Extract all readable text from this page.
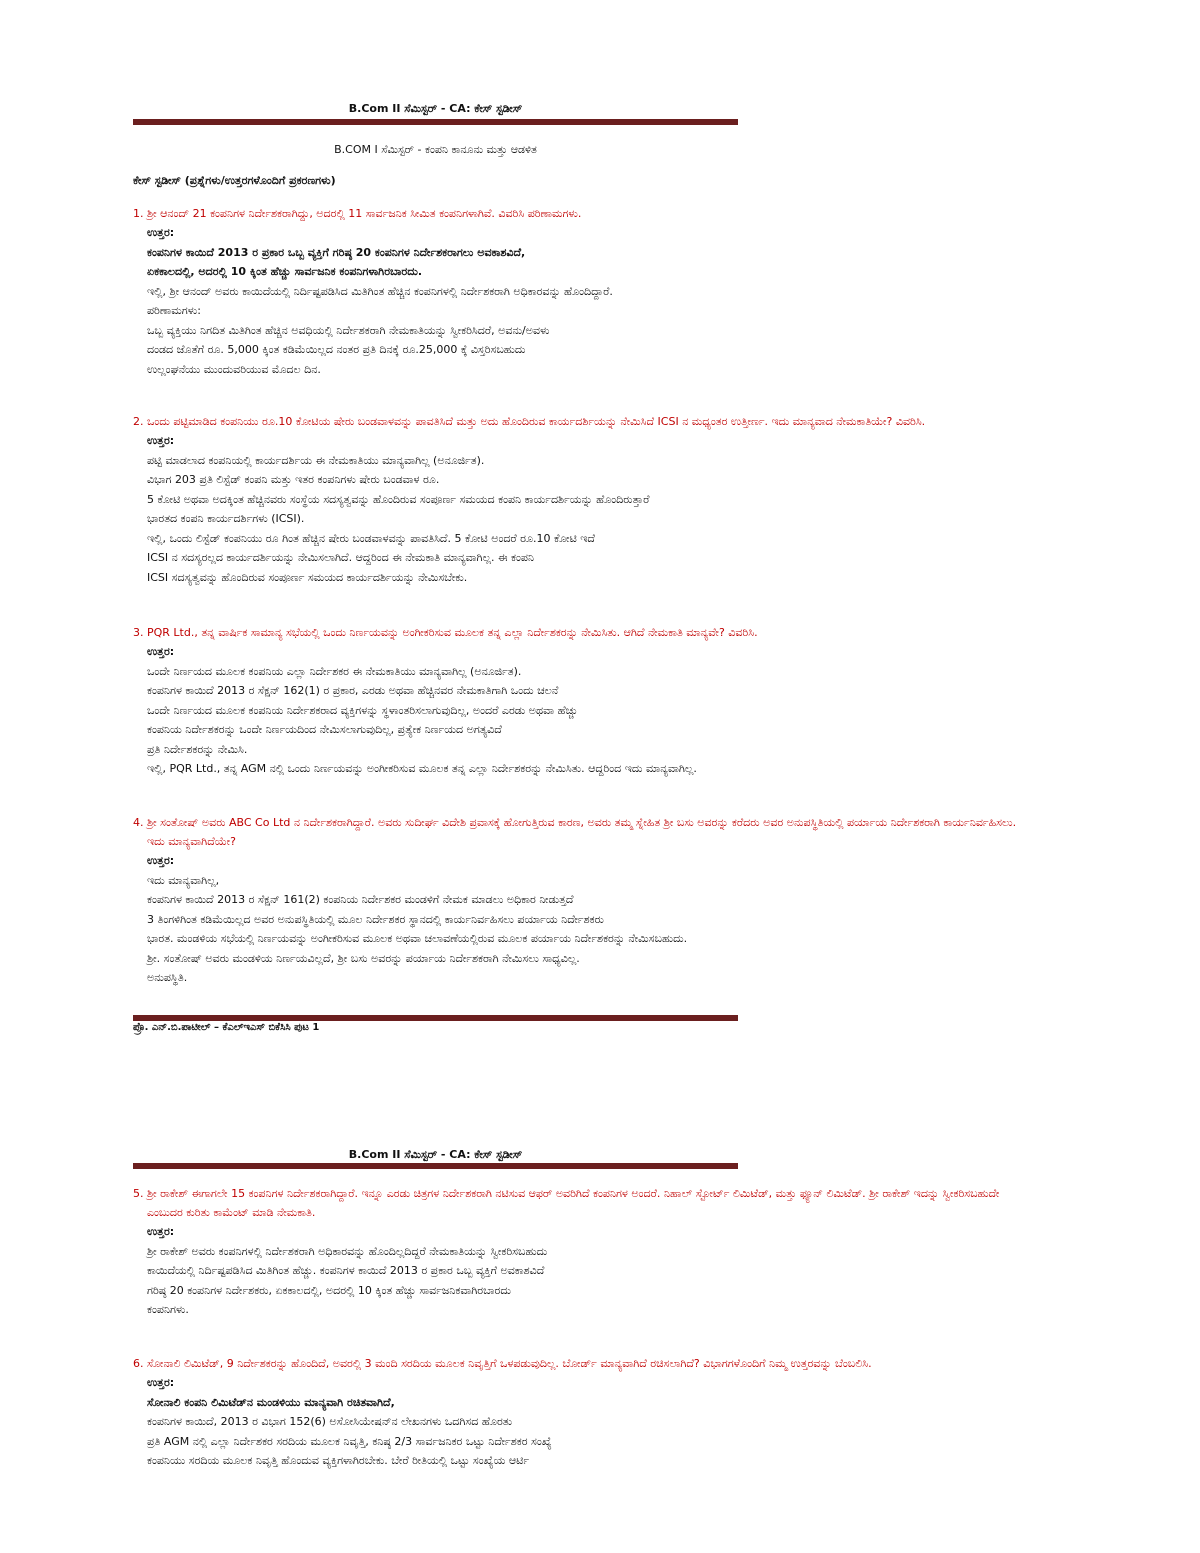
B.Com II ಸೆಮಿಸ್ಟರ್ - CA: ಕೇಸ್ ಸ್ಟಡೀಸ್
B.COM I ಸೆಮಿಸ್ಟರ್ - ಕಂಪನಿ ಕಾನೂನು ಮತ್ತು ಆಡಳಿತ
ಕೇಸ್ ಸ್ಟಡೀಸ್ (ಪ್ರಶ್ನೆಗಳು/ಉತ್ತರಗಳೊಂದಿಗೆ ಪ್ರಕರಣಗಳು)
1. ಶ್ರೀ ಆನಂದ್ 21 ಕಂಪನಿಗಳ ನಿರ್ದೇಶಕರಾಗಿದ್ದು, ಅದರಲ್ಲಿ 11 ಸಾರ್ವಜನಿಕ ಸೀಮಿತ ಕಂಪನಿಗಳಾಗಿವೆ. ವಿವರಿಸಿ ಪರಿಣಾಮಗಳು.
ಉತ್ತರ:
ಕಂಪನಿಗಳ ಕಾಯಿದೆ 2013 ರ ಪ್ರಕಾರ ಒಬ್ಬ ವ್ಯಕ್ತಿಗೆ ಗರಿಷ್ಠ 20 ಕಂಪನಿಗಳ ನಿರ್ದೇಶಕರಾಗಲು ಅವಕಾಶವಿದೆ,
ಏಕಕಾಲದಲ್ಲಿ, ಅದರಲ್ಲಿ 10 ಕ್ಕಿಂತ ಹೆಚ್ಚು ಸಾರ್ವಜನಿಕ ಕಂಪನಿಗಳಾಗಿರಬಾರದು.
ಇಲ್ಲಿ, ಶ್ರೀ ಆನಂದ್ ಅವರು ಕಾಯಿದೆಯಲ್ಲಿ ನಿರ್ದಿಷ್ಟಪಡಿಸಿದ ಮಿತಿಗಿಂತ ಹೆಚ್ಚಿನ ಕಂಪನಿಗಳಲ್ಲಿ ನಿರ್ದೇಶಕರಾಗಿ ಅಧಿಕಾರವನ್ನು ಹೊಂದಿದ್ದಾರೆ.
ಪರಿಣಾಮಗಳು:
ಒಬ್ಬ ವ್ಯಕ್ತಿಯು ನಿಗದಿತ ಮಿತಿಗಿಂತ ಹೆಚ್ಚಿನ ಅವಧಿಯಲ್ಲಿ ನಿರ್ದೇಶಕರಾಗಿ ನೇಮಕಾತಿಯನ್ನು ಸ್ವೀಕರಿಸಿದರೆ, ಅವನು/ಅವಳು
ದಂಡದ ಜೊತೆಗೆ ರೂ. 5,000 ಕ್ಕಿಂತ ಕಡಿಮೆಯಿಲ್ಲದ ನಂತರ ಪ್ರತಿ ದಿನಕ್ಕೆ ರೂ.25,000 ಕ್ಕೆ ವಿಸ್ತರಿಸಬಹುದು
ಉಲ್ಲಂಘನೆಯು ಮುಂದುವರಿಯುವ ಮೊದಲ ದಿನ.
2. ಒಂದು ಪಟ್ಟಿಮಾಡಿದ ಕಂಪನಿಯು ರೂ.10 ಕೋಟಿಯ ಷೇರು ಬಂಡವಾಳವನ್ನು ಪಾವತಿಸಿದೆ ಮತ್ತು ಅದು ಹೊಂದಿರುವ ಕಾರ್ಯದರ್ಶಿಯನ್ನು ನೇಮಿಸಿದೆ ICSI ನ ಮಧ್ಯಂತರ ಉತ್ತೀರ್ಣ. ಇದು ಮಾನ್ಯವಾದ ನೇಮಕಾತಿಯೇ? ವಿವರಿಸಿ.
ಉತ್ತರ:
ಪಟ್ಟಿ ಮಾಡಲಾದ ಕಂಪನಿಯಲ್ಲಿ ಕಾರ್ಯದರ್ಶಿಯ ಈ ನೇಮಕಾತಿಯು ಮಾನ್ಯವಾಗಿಲ್ಲ (ಅನೂರ್ಜಿತ).
ವಿಭಾಗ 203 ಪ್ರತಿ ಲಿಸ್ಟೆಡ್ ಕಂಪನಿ ಮತ್ತು ಇತರ ಕಂಪನಿಗಳು ಷೇರು ಬಂಡವಾಳ ರೂ.
5 ಕೋಟಿ ಅಥವಾ ಅದಕ್ಕಿಂತ ಹೆಚ್ಚಿನವರು ಸಂಸ್ಥೆಯ ಸದಸ್ಯತ್ವವನ್ನು ಹೊಂದಿರುವ ಸಂಪೂರ್ಣ ಸಮಯದ ಕಂಪನಿ ಕಾರ್ಯದರ್ಶಿಯನ್ನು ಹೊಂದಿರುತ್ತಾರೆ
ಭಾರತದ ಕಂಪನಿ ಕಾರ್ಯದರ್ಶಿಗಳು (ICSI).
ಇಲ್ಲಿ, ಒಂದು ಲಿಸ್ಟೆಡ್ ಕಂಪನಿಯು ರೂ ಗಿಂತ ಹೆಚ್ಚಿನ ಷೇರು ಬಂಡವಾಳವನ್ನು ಪಾವತಿಸಿದೆ. 5 ಕೋಟಿ ಅಂದರೆ ರೂ.10 ಕೋಟಿ ಇದೆ
ICSI ನ ಸದಸ್ಯರಲ್ಲದ ಕಾರ್ಯದರ್ಶಿಯನ್ನು ನೇಮಿಸಲಾಗಿದೆ. ಆದ್ದರಿಂದ ಈ ನೇಮಕಾತಿ ಮಾನ್ಯವಾಗಿಲ್ಲ. ಈ ಕಂಪನಿ
ICSI ಸದಸ್ಯತ್ವವನ್ನು ಹೊಂದಿರುವ ಸಂಪೂರ್ಣ ಸಮಯದ ಕಾರ್ಯದರ್ಶಿಯನ್ನು ನೇಮಿಸಬೇಕು.
3. PQR Ltd., ತನ್ನ ವಾರ್ಷಿಕ ಸಾಮಾನ್ಯ ಸಭೆಯಲ್ಲಿ ಒಂದು ನಿರ್ಣಯವನ್ನು ಅಂಗೀಕರಿಸುವ ಮೂಲಕ ತನ್ನ ಎಲ್ಲಾ ನಿರ್ದೇಶಕರನ್ನು ನೇಮಿಸಿತು. ಆಗಿದೆ ನೇಮಕಾತಿ ಮಾನ್ಯವೇ? ವಿವರಿಸಿ.
ಉತ್ತರ:
ಒಂದೇ ನಿರ್ಣಯದ ಮೂಲಕ ಕಂಪನಿಯ ಎಲ್ಲಾ ನಿರ್ದೇಶಕರ ಈ ನೇಮಕಾತಿಯು ಮಾನ್ಯವಾಗಿಲ್ಲ (ಅನೂರ್ಜಿತ).
ಕಂಪನಿಗಳ ಕಾಯಿದೆ 2013 ರ ಸೆಕ್ಷನ್ 162(1) ರ ಪ್ರಕಾರ, ಎರಡು ಅಥವಾ ಹೆಚ್ಚಿನವರ ನೇಮಕಾತಿಗಾಗಿ ಒಂದು ಚಲನೆ
ಒಂದೇ ನಿರ್ಣಯದ ಮೂಲಕ ಕಂಪನಿಯ ನಿರ್ದೇಶಕರಾದ ವ್ಯಕ್ತಿಗಳನ್ನು ಸ್ಥಳಾಂತರಿಸಲಾಗುವುದಿಲ್ಲ, ಅಂದರೆ ಎರಡು ಅಥವಾ ಹೆಚ್ಚು
ಕಂಪನಿಯ ನಿರ್ದೇಶಕರನ್ನು ಒಂದೇ ನಿರ್ಣಯದಿಂದ ನೇಮಿಸಲಾಗುವುದಿಲ್ಲ, ಪ್ರತ್ಯೇಕ ನಿರ್ಣಯದ ಅಗತ್ಯವಿದೆ
ಪ್ರತಿ ನಿರ್ದೇಶಕರನ್ನು ನೇಮಿಸಿ.
ಇಲ್ಲಿ, PQR Ltd., ತನ್ನ AGM ನಲ್ಲಿ ಒಂದು ನಿರ್ಣಯವನ್ನು ಅಂಗೀಕರಿಸುವ ಮೂಲಕ ತನ್ನ ಎಲ್ಲಾ ನಿರ್ದೇಶಕರನ್ನು ನೇಮಿಸಿತು. ಆದ್ದರಿಂದ ಇದು ಮಾನ್ಯವಾಗಿಲ್ಲ.
4. ಶ್ರೀ ಸಂತೋಷ್ ಅವರು ABC Co Ltd ನ ನಿರ್ದೇಶಕರಾಗಿದ್ದಾರೆ. ಅವರು ಸುದೀರ್ಘ ವಿದೇಶಿ ಪ್ರವಾಸಕ್ಕೆ ಹೋಗುತ್ತಿರುವ ಕಾರಣ, ಅವರು ತಮ್ಮ ಸ್ನೇಹಿತ ಶ್ರೀ ಬಸು ಅವರನ್ನು ಕರೆದರು ಅವರ ಅನುಪಸ್ಥಿತಿಯಲ್ಲಿ ಪರ್ಯಾಯ ನಿರ್ದೇಶಕರಾಗಿ ಕಾರ್ಯನಿರ್ವಹಿಸಲು. ಇದು ಮಾನ್ಯವಾಗಿದೆಯೇ?
ಉತ್ತರ:
ಇದು ಮಾನ್ಯವಾಗಿಲ್ಲ,
ಕಂಪನಿಗಳ ಕಾಯಿದೆ 2013 ರ ಸೆಕ್ಷನ್ 161(2) ಕಂಪನಿಯ ನಿರ್ದೇಶಕರ ಮಂಡಳಿಗೆ ನೇಮಕ ಮಾಡಲು ಅಧಿಕಾರ ನೀಡುತ್ತದೆ
3 ತಿಂಗಳಿಗಿಂತ ಕಡಿಮೆಯಿಲ್ಲದ ಅವರ ಅನುಪಸ್ಥಿತಿಯಲ್ಲಿ ಮೂಲ ನಿರ್ದೇಶಕರ ಸ್ಥಾನದಲ್ಲಿ ಕಾರ್ಯನಿರ್ವಹಿಸಲು ಪರ್ಯಾಯ ನಿರ್ದೇಶಕರು
ಭಾರತ. ಮಂಡಳಿಯ ಸಭೆಯಲ್ಲಿ ನಿರ್ಣಯವನ್ನು ಅಂಗೀಕರಿಸುವ ಮೂಲಕ ಅಥವಾ ಚಲಾವಣೆಯಲ್ಲಿರುವ ಮೂಲಕ ಪರ್ಯಾಯ ನಿರ್ದೇಶಕರನ್ನು ನೇಮಿಸಬಹುದು.
ಶ್ರೀ. ಸಂತೋಷ್ ಅವರು ಮಂಡಳಿಯ ನಿರ್ಣಯವಿಲ್ಲದೆ, ಶ್ರೀ ಬಸು ಅವರನ್ನು ಪರ್ಯಾಯ ನಿರ್ದೇಶಕರಾಗಿ ನೇಮಿಸಲು ಸಾಧ್ಯವಿಲ್ಲ.
ಅನುಪಸ್ಥಿತಿ.
ಪ್ರೊ. ಎನ್.ಬಿ.ಪಾಟೀಲ್ – ಕೆಎಲ್‌ಇಎಸ್ ಬಿಕೆಸಿಸಿ ಪುಟ 1
B.Com II ಸೆಮಿಸ್ಟರ್ - CA: ಕೇಸ್ ಸ್ಟಡೀಸ್
5. ಶ್ರೀ ರಾಕೇಶ್ ಈಗಾಗಲೇ 15 ಕಂಪನಿಗಳ ನಿರ್ದೇಶಕರಾಗಿದ್ದಾರೆ. ಇನ್ನೂ ಎರಡು ಚಿತ್ರಗಳ ನಿರ್ದೇಶಕರಾಗಿ ನಟಿಸುವ ಆಫರ್ ಅವರಿಗಿದೆ ಕಂಪನಿಗಳ ಅಂದರೆ. ನಿಹಾಲ್ ಸ್ಟೋರ್ಟ್ ಲಿಮಿಟೆಡ್, ಮತ್ತು ಫ್ಯೂನ್ ಲಿಮಿಟೆಡ್. ಶ್ರೀ ರಾಕೇಶ್ ಇದನ್ನು ಸ್ವೀಕರಿಸಬಹುದೇ ಎಂಬುದರ ಕುರಿತು ಕಾಮೆಂಟ್ ಮಾಡಿ ನೇಮಕಾತಿ.
ಉತ್ತರ:
ಶ್ರೀ ರಾಕೇಶ್ ಅವರು ಕಂಪನಿಗಳಲ್ಲಿ ನಿರ್ದೇಶಕರಾಗಿ ಅಧಿಕಾರವನ್ನು ಹೊಂದಿಲ್ಲದಿದ್ದರೆ ನೇಮಕಾತಿಯನ್ನು ಸ್ವೀಕರಿಸಬಹುದು
ಕಾಯಿದೆಯಲ್ಲಿ ನಿರ್ದಿಷ್ಟಪಡಿಸಿದ ಮಿತಿಗಿಂತ ಹೆಚ್ಚು. ಕಂಪನಿಗಳ ಕಾಯಿದೆ 2013 ರ ಪ್ರಕಾರ ಒಬ್ಬ ವ್ಯಕ್ತಿಗೆ ಅವಕಾಶವಿದೆ
ಗರಿಷ್ಠ 20 ಕಂಪನಿಗಳ ನಿರ್ದೇಶಕರು, ಏಕಕಾಲದಲ್ಲಿ, ಅದರಲ್ಲಿ 10 ಕ್ಕಿಂತ ಹೆಚ್ಚು ಸಾರ್ವಜನಿಕವಾಗಿರಬಾರದು
ಕಂಪನಿಗಳು.
6. ಸೋನಾಲಿ ಲಿಮಿಟೆಡ್, 9 ನಿರ್ದೇಶಕರನ್ನು ಹೊಂದಿದೆ, ಅವರಲ್ಲಿ 3 ಮಂದಿ ಸರದಿಯ ಮೂಲಕ ನಿವೃತ್ತಿಗೆ ಒಳಪಡುವುದಿಲ್ಲ. ಬೋರ್ಡ್ ಮಾನ್ಯವಾಗಿದೆ ರಚಿಸಲಾಗಿದೆ? ವಿಭಾಗಗಳೊಂದಿಗೆ ನಿಮ್ಮ ಉತ್ತರವನ್ನು ಬೆಂಬಲಿಸಿ.
ಉತ್ತರ:
ಸೋನಾಲಿ ಕಂಪನಿ ಲಿಮಿಟೆಡ್‌ನ ಮಂಡಳಿಯು ಮಾನ್ಯವಾಗಿ ರಚಿತವಾಗಿದೆ,
ಕಂಪನಿಗಳ ಕಾಯಿದೆ, 2013 ರ ವಿಭಾಗ 152(6) ಅಸೋಸಿಯೇಷನ್‌ನ ಲೇಖನಗಳು ಒದಗಿಸದ ಹೊರತು
ಪ್ರತಿ AGM ನಲ್ಲಿ ಎಲ್ಲಾ ನಿರ್ದೇಶಕರ ಸರದಿಯ ಮೂಲಕ ನಿವೃತ್ತಿ, ಕನಿಷ್ಠ 2/3 ಸಾರ್ವಜನಿಕರ ಒಟ್ಟು ನಿರ್ದೇಶಕರ ಸಂಖ್ಯೆ
ಕಂಪನಿಯು ಸರದಿಯ ಮೂಲಕ ನಿವೃತ್ತಿ ಹೊಂದುವ ವ್ಯಕ್ತಿಗಳಾಗಿರಬೇಕು. ಬೇರೆ ರೀತಿಯಲ್ಲಿ ಒಟ್ಟು ಸಂಖ್ಯೆಯ ಆರ್ಟಿ
